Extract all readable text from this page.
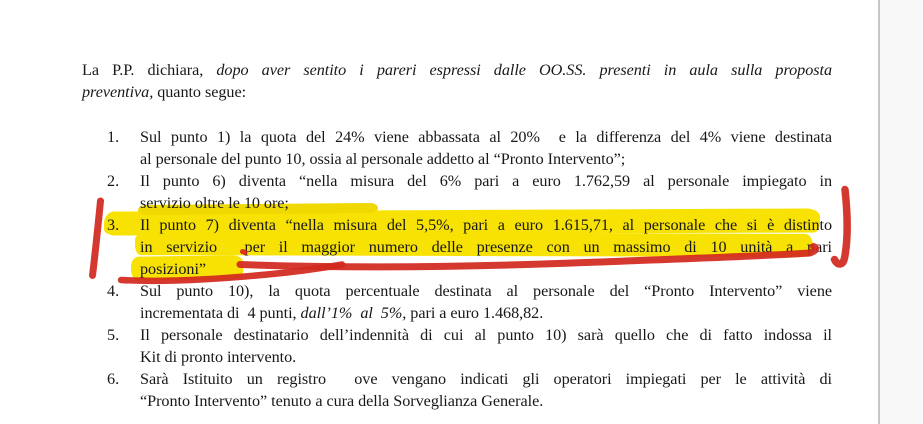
La P.P. dichiara, dopo aver sentito i pareri espressi dalle OO.SS. presenti in aula sulla proposta
preventiva, quanto segue:

1. Sul punto 1) la quota del 24% viene abbassata al 20%  e la differenza del 4% viene destinata
al personale del punto 10, ossia al personale addetto al “Pronto Intervento”;
2. Il punto 6) diventa “nella misura del 6% pari a euro 1.762,59 al personale impiegato in
servizio oltre le 10 ore;
3. Il punto 7) diventa “nella misura del 5,5%, pari a euro 1.615,71, al personale che si è distinto
in servizio  per il maggior numero delle presenze con un massimo di 10 unità a pari
posizioni”
4. Sul punto 10), la quota percentuale destinata al personale del “Pronto Intervento” viene
incrementata di  4 punti, dall’1%  al  5%, pari a euro 1.468,82.
5. Il personale destinatario dell’indennità di cui al punto 10) sarà quello che di fatto indossa il
Kit di pronto intervento.
6. Sarà Istituito un registro  ove vengano indicati gli operatori impiegati per le attività di
“Pronto Intervento” tenuto a cura della Sorveglianza Generale.
